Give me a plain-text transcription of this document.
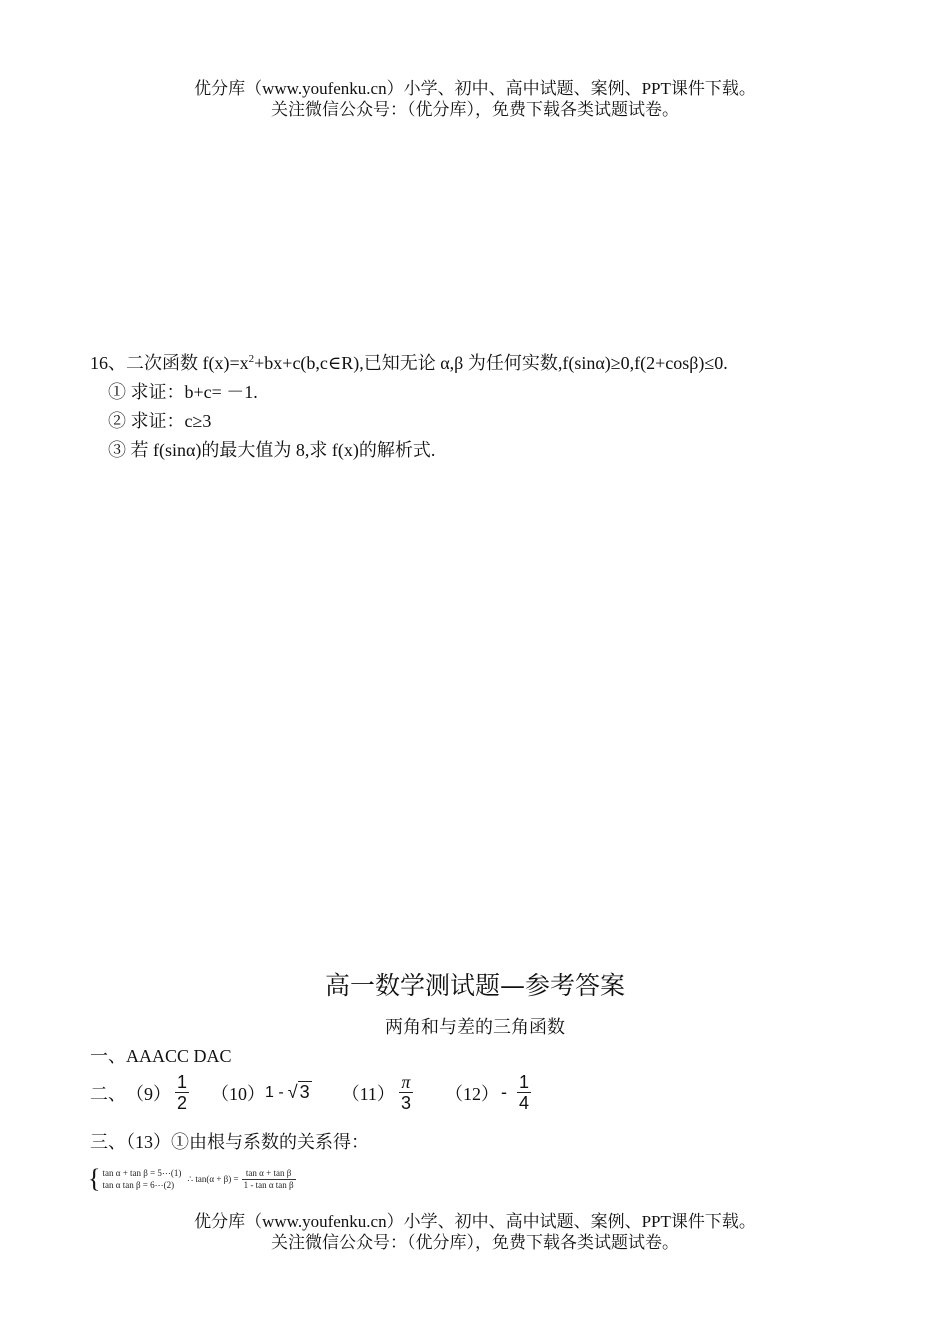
优分库（www.youfenku.cn）小学、初中、高中试题、案例、PPT课件下载。
关注微信公众号：（优分库），免费下载各类试题试卷。
16、二次函数 $f(x)=x^2+bx+c(b,c\in R)$,已知无论 α,β 为任何实数,f(sinα)≥0,f(2+cosβ)≤0.
① 求证：b+c= －1.
② 求证：c≥3
③ 若 f(sinα)的最大值为 8,求 f(x)的解析式.
高一数学测试题—参考答案
两角和与差的三角函数
一、AAACC DAC
二、 $(9) \frac{1}{2} (10)$ 1 - √ 3 $(11) \frac{\pi}{3} (12) - \frac{1}{4}$
三、（13）①由根与系数的关系得：
{ tan α + tan β = 5⋯(1)
tan α tan β = 6⋯(2)
∴ $\tan(\alpha + \beta) = \frac{\text{tan α + tan β}}{\text{1 - tan α tan β}}$
优分库（www.youfenku.cn）小学、初中、高中试题、案例、PPT课件下载。
关注微信公众号：（优分库），免费下载各类试题试卷。
